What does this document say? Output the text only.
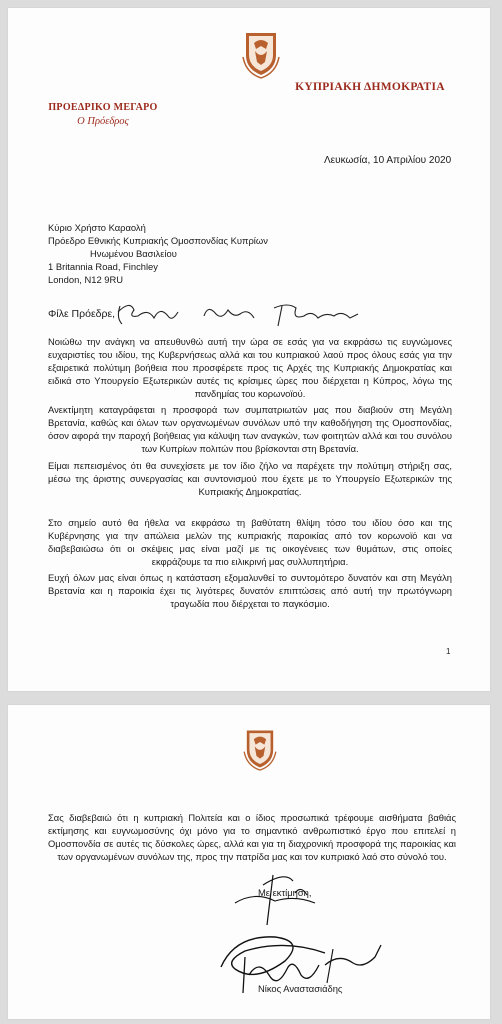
ΚΥΠΡΙΑΚΗ ΔΗΜΟΚΡΑΤΙΑ
ΠΡΟΕΔΡΙΚΟ ΜΕΓΑΡΟ
Ο Πρόεδρος
Λευκωσία, 10 Απριλίου 2020
Κύριο Χρήστο Καραολή
Πρόεδρο Εθνικής Κυπριακής Ομοσπονδίας Κυπρίων
Ηνωμένου Βασιλείου
1 Britannia Road, Finchley
London, N12 9RU
Φίλε Πρόεδρε,
Νοιώθω την ανάγκη να απευθυνθώ αυτή την ώρα σε εσάς για να εκφράσω τις ευγνώμονες ευχαριστίες του ιδίου, της Κυβερνήσεως αλλά και του κυπριακού λαού προς όλους εσάς για την εξαιρετικά πολύτιμη βοήθεια που προσφέρετε προς τις Αρχές της Κυπριακής Δημοκρατίας και ειδικά στο Υπουργείο Εξωτερικών αυτές τις κρίσιμες ώρες που διέρχεται η Κύπρος, λόγω της πανδημίας του κορωνοϊού.
Ανεκτίμητη καταγράφεται η προσφορά των συμπατριωτών μας που διαβιούν στη Μεγάλη Βρετανία, καθώς και όλων των οργανωμένων συνόλων υπό την καθοδήγηση της Ομοσπονδίας, όσον αφορά την παροχή βοήθειας για κάλυψη των αναγκών, των φοιτητών αλλά και του συνόλου των Κυπρίων πολιτών που βρίσκονται στη Βρετανία.
Είμαι πεπεισμένος ότι θα συνεχίσετε με τον ίδιο ζήλο να παρέχετε την πολύτιμη στήριξη σας, μέσω της άριστης συνεργασίας και συντονισμού που έχετε με το Υπουργείο Εξωτερικών της Κυπριακής Δημοκρατίας.
Στο σημείο αυτό θα ήθελα να εκφράσω τη βαθύτατη θλίψη τόσο του ιδίου όσο και της Κυβέρνησης για την απώλεια μελών της κυπριακής παροικίας από τον κορωνοϊό και να διαβεβαιώσω ότι οι σκέψεις μας είναι μαζί με τις οικογένειες των θυμάτων, στις οποίες εκφράζουμε τα πιο ειλικρινή μας συλλυπητήρια.
Ευχή όλων μας είναι όπως η κατάσταση εξομαλυνθεί το συντομότερο δυνατόν και στη Μεγάλη Βρετανία και η παροικία έχει τις λιγότερες δυνατόν επιπτώσεις από αυτή την πρωτόγνωρη τραγωδία που διέρχεται το παγκόσμιο.
1
Σας διαβεβαιώ ότι η κυπριακή Πολιτεία και ο ίδιος προσωπικά τρέφουμε αισθήματα βαθιάς εκτίμησης και ευγνωμοσύνης όχι μόνο για το σημαντικό ανθρωπιστικό έργο που επιτελεί η Ομοσπονδία σε αυτές τις δύσκολες ώρες, αλλά και για τη διαχρονική προσφορά της παροικίας και των οργανωμένων συνόλων της, προς την πατρίδα μας και τον κυπριακό λαό στο σύνολό του.
Με εκτίμηση,
Νίκος Αναστασιάδης
